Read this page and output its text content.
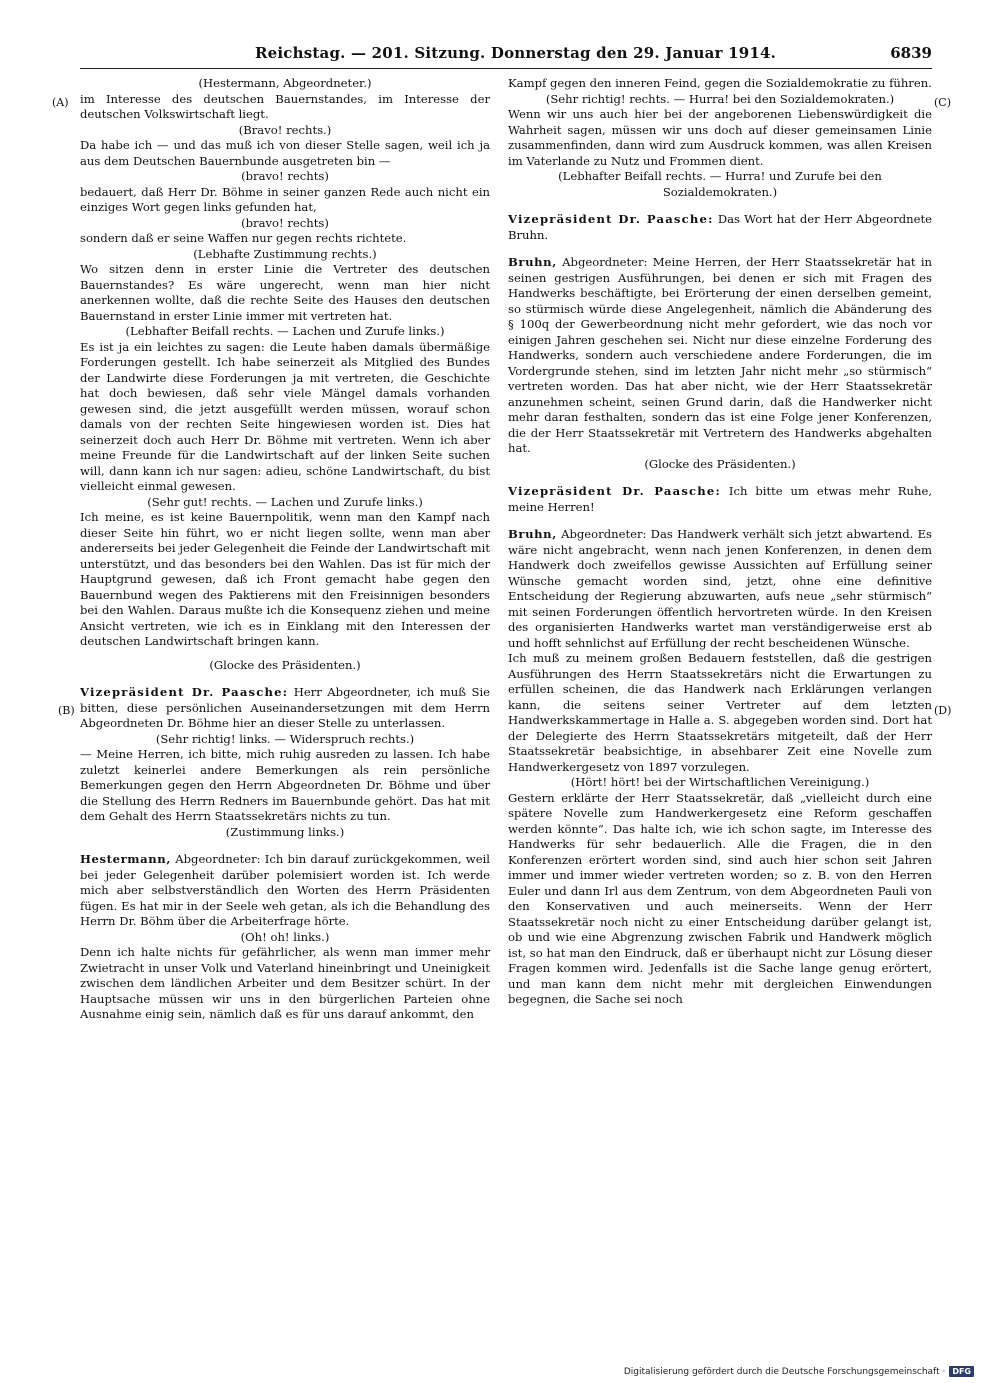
Reichstag. — 201. Sitzung. Donnerstag den 29. Januar 1914.	6839
(A)
(B)
(C)
(D)
(Hestermann, Abgeordneter.)

im Interesse des deutschen Bauernstandes, im Interesse der deutschen Volkswirtschaft liegt.

(Bravo! rechts.)

Da habe ich — und das muß ich von dieser Stelle sagen, weil ich ja aus dem Deutschen Bauernbunde ausgetreten bin —

(bravo! rechts)

bedauert, daß Herr Dr. Böhme in seiner ganzen Rede auch nicht ein einziges Wort gegen links gefunden hat,

(bravo! rechts)

sondern daß er seine Waffen nur gegen rechts richtete.

(Lebhafte Zustimmung rechts.)

Wo sitzen denn in erster Linie die Vertreter des deutschen Bauernstandes? Es wäre ungerecht, wenn man hier nicht anerkennen wollte, daß die rechte Seite des Hauses den deutschen Bauernstand in erster Linie immer mit vertreten hat.

(Lebhafter Beifall rechts. — Lachen und Zurufe links.)

Es ist ja ein leichtes zu sagen: die Leute haben damals übermäßige Forderungen gestellt. Ich habe seinerzeit als Mitglied des Bundes der Landwirte diese Forderungen ja mit vertreten, die Geschichte hat doch bewiesen, daß sehr viele Mängel damals vorhanden gewesen sind, die jetzt ausgefüllt werden müssen, worauf schon damals von der rechten Seite hingewiesen worden ist. Dies hat seinerzeit doch auch Herr Dr. Böhme mit vertreten. Wenn ich aber meine Freunde für die Landwirtschaft auf der linken Seite suchen will, dann kann ich nur sagen: adieu, schöne Landwirtschaft, du bist vielleicht einmal gewesen.

(Sehr gut! rechts. — Lachen und Zurufe links.)

Ich meine, es ist keine Bauernpolitik, wenn man den Kampf nach dieser Seite hin führt, wo er nicht liegen sollte, wenn man aber andererseits bei jeder Gelegenheit die Feinde der Landwirtschaft mit unterstützt, und das besonders bei den Wahlen. Das ist für mich der Hauptgrund gewesen, daß ich Front gemacht habe gegen den Bauernbund wegen des Paktierens mit den Freisinnigen besonders bei den Wahlen. Daraus mußte ich die Konsequenz ziehen und meine Ansicht vertreten, wie ich es in Einklang mit den Interessen der deutschen Landwirtschaft bringen kann.

(Glocke des Präsidenten.)

Vizepräsident Dr. Paasche: Herr Abgeordneter, ich muß Sie bitten, diese persönlichen Auseinandersetzungen mit dem Herrn Abgeordneten Dr. Böhme hier an dieser Stelle zu unterlassen.

(Sehr richtig! links. — Widerspruch rechts.)

— Meine Herren, ich bitte, mich ruhig ausreden zu lassen. Ich habe zuletzt keinerlei andere Bemerkungen als rein persönliche Bemerkungen gegen den Herrn Abgeordneten Dr. Böhme und über die Stellung des Herrn Redners im Bauernbunde gehört. Das hat mit dem Gehalt des Herrn Staatssekretärs nichts zu tun.

(Zustimmung links.)

Hestermann, Abgeordneter: Ich bin darauf zurückgekommen, weil bei jeder Gelegenheit darüber polemisiert worden ist. Ich werde mich aber selbstverständlich den Worten des Herrn Präsidenten fügen. Es hat mir in der Seele weh getan, als ich die Behandlung des Herrn Dr. Böhm über die Arbeiterfrage hörte.

(Oh! oh! links.)

Denn ich halte nichts für gefährlicher, als wenn man immer mehr Zwietracht in unser Volk und Vaterland hineinbringt und Uneinigkeit zwischen dem ländlichen Arbeiter und dem Besitzer schürt. In der Hauptsache müssen wir uns in den bürgerlichen Parteien ohne Ausnahme einig sein, nämlich daß es für uns darauf ankommt, den

Kampf gegen den inneren Feind, gegen die Sozialdemokratie zu führen.

(Sehr richtig! rechts. — Hurra! bei den Sozialdemokraten.)

Wenn wir uns auch hier bei der angeborenen Liebenswürdigkeit die Wahrheit sagen, müssen wir uns doch auf dieser gemeinsamen Linie zusammenfinden, dann wird zum Ausdruck kommen, was allen Kreisen im Vaterlande zu Nutz und Frommen dient.

(Lebhafter Beifall rechts. — Hurra! und Zurufe bei den Sozialdemokraten.)

Vizepräsident Dr. Paasche: Das Wort hat der Herr Abgeordnete Bruhn.

Bruhn, Abgeordneter: Meine Herren, der Herr Staatssekretär hat in seinen gestrigen Ausführungen, bei denen er sich mit Fragen des Handwerks beschäftigte, bei Erörterung der einen derselben gemeint, so stürmisch würde diese Angelegenheit, nämlich die Abänderung des § 100q der Gewerbeordnung nicht mehr gefordert, wie das noch vor einigen Jahren geschehen sei. Nicht nur diese einzelne Forderung des Handwerks, sondern auch verschiedene andere Forderungen, die im Vordergrunde stehen, sind im letzten Jahr nicht mehr „so stürmisch“ vertreten worden. Das hat aber nicht, wie der Herr Staatssekretär anzunehmen scheint, seinen Grund darin, daß die Handwerker nicht mehr daran festhalten, sondern das ist eine Folge jener Konferenzen, die der Herr Staatssekretär mit Vertretern des Handwerks abgehalten hat.

(Glocke des Präsidenten.)

Vizepräsident Dr. Paasche: Ich bitte um etwas mehr Ruhe, meine Herren!

Bruhn, Abgeordneter: Das Handwerk verhält sich jetzt abwartend. Es wäre nicht angebracht, wenn nach jenen Konferenzen, in denen dem Handwerk doch zweifellos gewisse Aussichten auf Erfüllung seiner Wünsche gemacht worden sind, jetzt, ohne eine definitive Entscheidung der Regierung abzuwarten, aufs neue „sehr stürmisch“ mit seinen Forderungen öffentlich hervortreten würde. In den Kreisen des organisierten Handwerks wartet man verständigerweise erst ab und hofft sehnlichst auf Erfüllung der recht bescheidenen Wünsche.

Ich muß zu meinem großen Bedauern feststellen, daß die gestrigen Ausführungen des Herrn Staatssekretärs nicht die Erwartungen zu erfüllen scheinen, die das Handwerk nach Erklärungen verlangen kann, die seitens seiner Vertreter auf dem letzten Handwerkskammertage in Halle a. S. abgegeben worden sind. Dort hat der Delegierte des Herrn Staatssekretärs mitgeteilt, daß der Herr Staatssekretär beabsichtige, in absehbarer Zeit eine Novelle zum Handwerkergesetz von 1897 vorzulegen.

(Hört! hört! bei der Wirtschaftlichen Vereinigung.)

Gestern erklärte der Herr Staatssekretär, daß „vielleicht durch eine spätere Novelle zum Handwerkergesetz eine Reform geschaffen werden könnte“. Das halte ich, wie ich schon sagte, im Interesse des Handwerks für sehr bedauerlich. Alle die Fragen, die in den Konferenzen erörtert worden sind, sind auch hier schon seit Jahren immer und immer wieder vertreten worden; so z. B. von den Herren Euler und dann Irl aus dem Zentrum, von dem Abgeordneten Pauli von den Konservativen und auch meinerseits. Wenn der Herr Staatssekretär noch nicht zu einer Entscheidung darüber gelangt ist, ob und wie eine Abgrenzung zwischen Fabrik und Handwerk möglich ist, so hat man den Eindruck, daß er überhaupt nicht zur Lösung dieser Fragen kommen wird. Jedenfalls ist die Sache lange genug erörtert, und man kann dem nicht mehr mit dergleichen Einwendungen begegnen, die Sache sei noch

Digitalisierung gefördert durch die Deutsche Forschungsgemeinschaft · DFG
